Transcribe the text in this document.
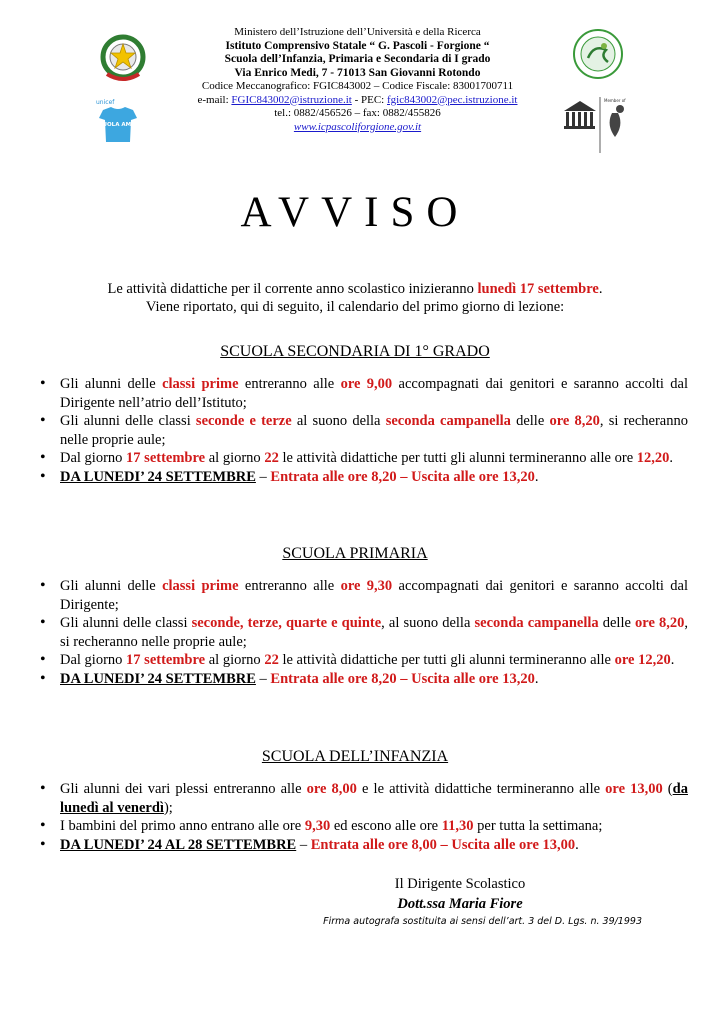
unicef
SCUOLA AMICA
Member of
Ministero dell’Istruzione dell’Università e della Ricerca
Istituto Comprensivo Statale “ G. Pascoli - Forgione “
Scuola dell’Infanzia, Primaria e Secondaria di I grado
Via Enrico Medi, 7 - 71013 San Giovanni Rotondo
Codice Meccanografico: FGIC843002 – Codice Fiscale: 83001700711
e-mail: FGIC843002@istruzione.it - PEC: fgic843002@pec.istruzione.it
tel.: 0882/456526 – fax: 0882/455826
www.icpascoliforgione.gov.it
AVVISO
Le attività didattiche per il corrente anno scolastico inizieranno lunedì 17 settembre.
Viene riportato, qui di seguito, il calendario del primo giorno di lezione:
SCUOLA SECONDARIA DI 1° GRADO
• Gli alunni delle classi prime entreranno alle ore 9,00 accompagnati dai genitori e saranno accolti dal Dirigente nell’atrio dell’Istituto;
• Gli alunni delle classi seconde e terze al suono della seconda campanella delle ore 8,20, si recheranno nelle proprie aule;
• Dal giorno 17 settembre al giorno 22 le attività didattiche per tutti gli alunni termineranno alle ore 12,20.
• DA LUNEDI’ 24 SETTEMBRE – Entrata alle ore 8,20 – Uscita alle ore 13,20.
SCUOLA PRIMARIA
• Gli alunni delle classi prime entreranno alle ore 9,30 accompagnati dai genitori e saranno accolti dal Dirigente;
• Gli alunni delle classi seconde, terze, quarte e quinte, al suono della seconda campanella delle ore 8,20, si recheranno nelle proprie aule;
• Dal giorno 17 settembre al giorno 22 le attività didattiche per tutti gli alunni termineranno alle ore 12,20.
• DA LUNEDI’ 24 SETTEMBRE – Entrata alle ore 8,20 – Uscita alle ore 13,20.
SCUOLA DELL’INFANZIA
• Gli alunni dei vari plessi entreranno alle ore 8,00 e le attività didattiche termineranno alle ore 13,00 (da lunedì al venerdì);
• I bambini del primo anno entrano alle ore 9,30 ed escono alle ore 11,30 per tutta la settimana;
• DA LUNEDI’ 24 AL 28 SETTEMBRE – Entrata alle ore 8,00 – Uscita alle ore 13,00.
Il Dirigente Scolastico
Dott.ssa Maria Fiore
Firma autografa sostituita ai sensi dell’art. 3 del D. Lgs. n. 39/1993
